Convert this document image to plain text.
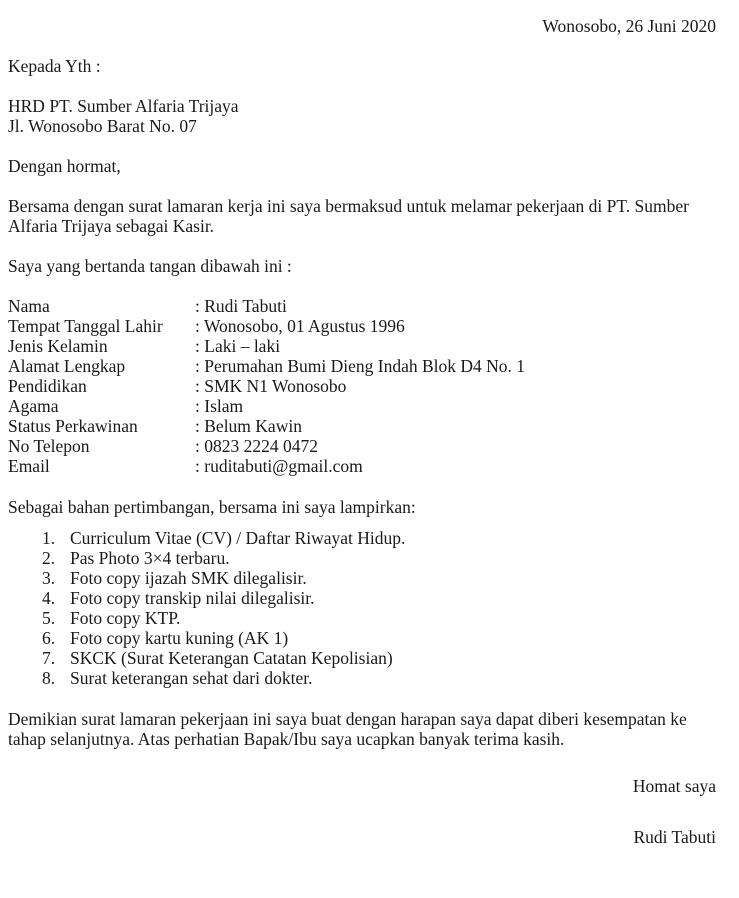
Wonosobo, 26 Juni 2020
Kepada Yth :
HRD PT. Sumber Alfaria Trijaya
Jl. Wonosobo Barat No. 07
Dengan hormat,
Bersama dengan surat lamaran kerja ini saya bermaksud untuk melamar pekerjaan di PT. Sumber Alfaria Trijaya sebagai Kasir.
Saya yang bertanda tangan dibawah ini :
Nama	: Rudi Tabuti
Tempat Tanggal Lahir	: Wonosobo, 01 Agustus 1996
Jenis Kelamin	: Laki – laki
Alamat Lengkap	: Perumahan Bumi Dieng Indah Blok D4 No. 1
Pendidikan	: SMK N1 Wonosobo
Agama	: Islam
Status Perkawinan	: Belum Kawin
No Telepon	: 0823 2224 0472
Email	: ruditabuti@gmail.com
Sebagai bahan pertimbangan, bersama ini saya lampirkan:
Curriculum Vitae (CV) / Daftar Riwayat Hidup.
Pas Photo 3×4 terbaru.
Foto copy ijazah SMK dilegalisir.
Foto copy transkip nilai dilegalisir.
Foto copy KTP.
Foto copy kartu kuning (AK 1)
SKCK (Surat Keterangan Catatan Kepolisian)
Surat keterangan sehat dari dokter.
Demikian surat lamaran pekerjaan ini saya buat dengan harapan saya dapat diberi kesempatan ke tahap selanjutnya. Atas perhatian Bapak/Ibu saya ucapkan banyak terima kasih.
Homat saya
Rudi Tabuti
